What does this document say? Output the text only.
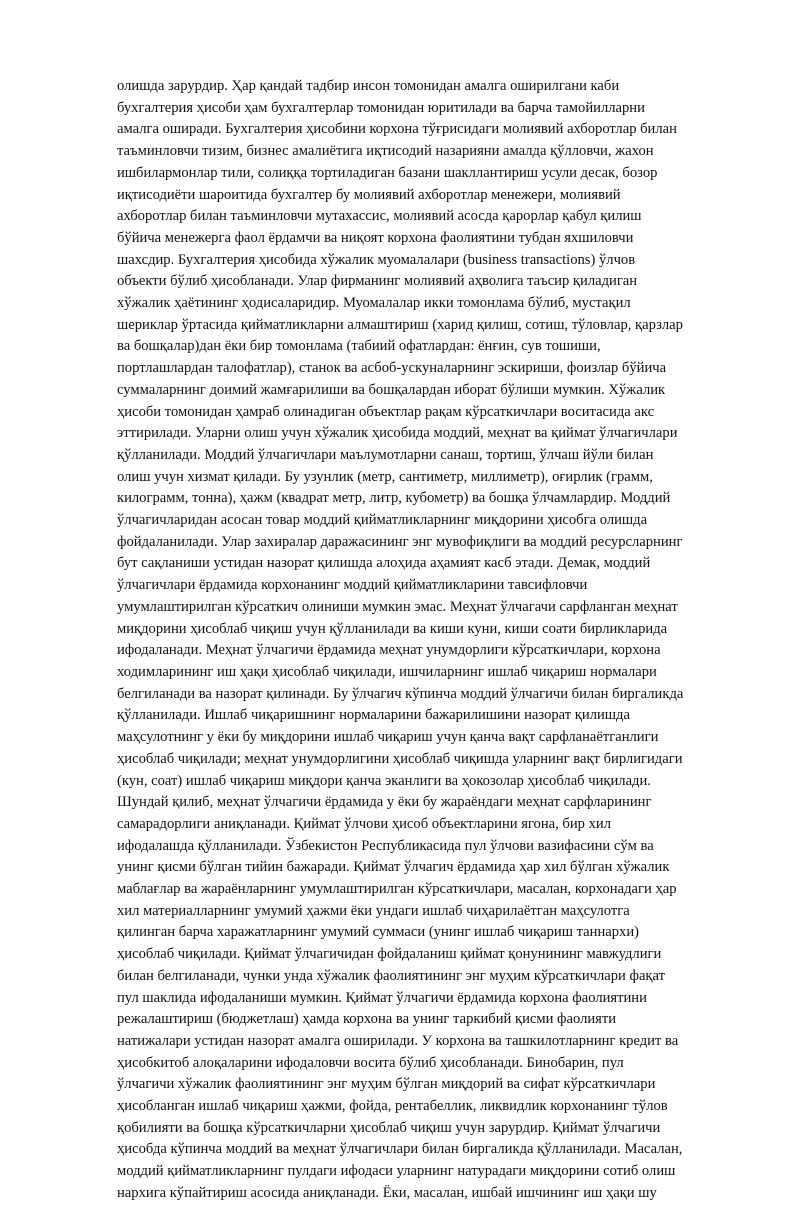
олишда зарурдир. Ҳар қандай тадбир инсон томонидан амалга оширилгани каби
бухгалтерия ҳисоби ҳам бухгалтерлар томонидан юритилади ва барча тамойилларни
амалга оширади. Бухгалтерия ҳисобини корхона тўғрисидаги молиявий ахборотлар билан
таъминловчи тизим, бизнес амалиётига иқтисодий назарияни амалда қўлловчи, жахон
ишбилармонлар тили, солиққа тортиладиган базани шакллантириш усули десак, бозор
иқтисодиёти шароитида бухгалтер бу молиявий ахборотлар менежери, молиявий
ахборотлар билан таъминловчи мутахассис, молиявий асосда қарорлар қабул қилиш
бўйича менежерга фаол ёрдамчи ва ниқоят корхона фаолиятини тубдан яхшиловчи
шахсдир. Бухгалтерия ҳисобида хўжалик муомалалари (business transactions) ўлчов
объекти бўлиб ҳисобланади. Улар фирманинг молиявий аҳволига таъсир қиладиган
хўжалик ҳаётининг ҳодисаларидир. Муомалалар икки томонлама бўлиб, мустақил
шериклар ўртасида қийматликларни алмаштириш (харид қилиш, сотиш, тўловлар, қарзлар
ва бошқалар)дан ёки бир томонлама (табиий офатлардан: ёнғин, сув тошиши,
портлашлардан талофатлар), станок ва асбоб-ускуналарнинг эскириши, фоизлар бўйича
суммаларнинг доимий жамғарилиши ва бошқалардан иборат бўлиши мумкин. Хўжалик
ҳисоби томонидан ҳамраб олинадиган объектлар рақам кўрсаткичлари воситасида акс
эттирилади. Уларни олиш учун хўжалик ҳисобида моддий, меҳнат ва қиймат ўлчагичлари
қўлланилади. Моддий ўлчагичлари маълумотларни санаш, тортиш, ўлчаш йўли билан
олиш учун хизмат қилади. Бу узунлик (метр, сантиметр, миллиметр), оғирлик (грамм,
килограмм, тонна), ҳажм (квадрат метр, литр, кубометр) ва бошқа ўлчамлардир. Моддий
ўлчагичларидан асосан товар моддий қийматликларнинг миқдорини ҳисобга олишда
фойдаланилади. Улар захиралар даражасининг энг мувофиқлиги ва моддий ресурсларнинг
бут сақланиши устидан назорат қилишда алоҳида аҳамият касб этади. Демак, моддий
ўлчагичлари ёрдамида корхонанинг моддий қийматликларини тавсифловчи
умумлаштирилган кўрсаткич олиниши мумкин эмас. Меҳнат ўлчагачи сарфланган меҳнат
миқдорини ҳисоблаб чиқиш учун қўлланилади ва киши куни, киши соати бирликларида
ифодаланади. Меҳнат ўлчагичи ёрдамида меҳнат унумдорлиги кўрсаткичлари, корхона
ходимларининг иш ҳақи ҳисоблаб чиқилади, ишчиларнинг ишлаб чиқариш нормалари
белгиланади ва назорат қилинади. Бу ўлчагич кўпинча моддий ўлчагичи билан биргаликда
қўлланилади. Ишлаб чиқаришнинг нормаларини бажарилишини назорат қилишда
маҳсулотнинг у ёки бу миқдорини ишлаб чиқариш учун қанча вақт сарфланаётганлиги
ҳисоблаб чиқилади; меҳнат унумдорлигини ҳисоблаб чиқишда уларнинг вақт бирлигидаги
(кун, соат) ишлаб чиқариш миқдори қанча эканлиги ва ҳокозолар ҳисоблаб чиқилади.
Шундай қилиб, меҳнат ўлчагичи ёрдамида у ёки бу жараёндаги меҳнат сарфларининг
самарадорлиги аниқланади. Қиймат ўлчови ҳисоб объектларини ягона, бир хил
ифодалашда қўлланилади. Ўзбекистон Республикасида пул ўлчови вазифасини сўм ва
унинг қисми бўлган тийин бажаради. Қиймат ўлчагич ёрдамида ҳар хил бўлган хўжалик
маблағлар ва жараёнларнинг умумлаштирилган кўрсаткичлари, масалан, корхонадаги ҳар
хил материалларнинг умумий ҳажми ёки ундаги ишлаб чиҳарилаётган маҳсулотга
қилинган барча харажатларнинг умумий суммаси (унинг ишлаб чиқариш таннархи)
ҳисоблаб чиқилади. Қиймат ўлчагичидан фойдаланиш қиймат қонунининг мавжудлиги
билан белгиланади, чунки унда хўжалик фаолиятининг энг муҳим кўрсаткичлари фақат
пул шаклида ифодаланиши мумкин. Қиймат ўлчагичи ёрдамида корхона фаолиятини
режалаштириш (бюджетлаш) ҳамда корхона ва унинг таркибий қисми фаолияти
натижалари устидан назорат амалга оширилади. У корхона ва ташкилотларнинг кредит ва
ҳисобкитоб алоқаларини ифодаловчи восита бўлиб ҳисобланади. Бинобарин, пул
ўлчагичи хўжалик фаолиятининг энг муҳим бўлган миқдорий ва сифат кўрсаткичлари
ҳисобланган ишлаб чиқариш ҳажми, фойда, рентабеллик, ликвидлик корхонанинг тўлов
қобилияти ва бошқа кўрсаткичларни ҳисоблаб чиқиш учун зарурдир. Қиймат ўлчагичи
ҳисобда кўпинча моддий ва меҳнат ўлчагичлари билан биргаликда қўлланилади. Масалан,
моддий қийматликларнинг пулдаги ифодаси уларнинг натурадаги миқдорини сотиб олиш
нархига кўпайтириш асосида аниқланади. Ёки, масалан, ишбай ишчининг иш ҳақи шу
